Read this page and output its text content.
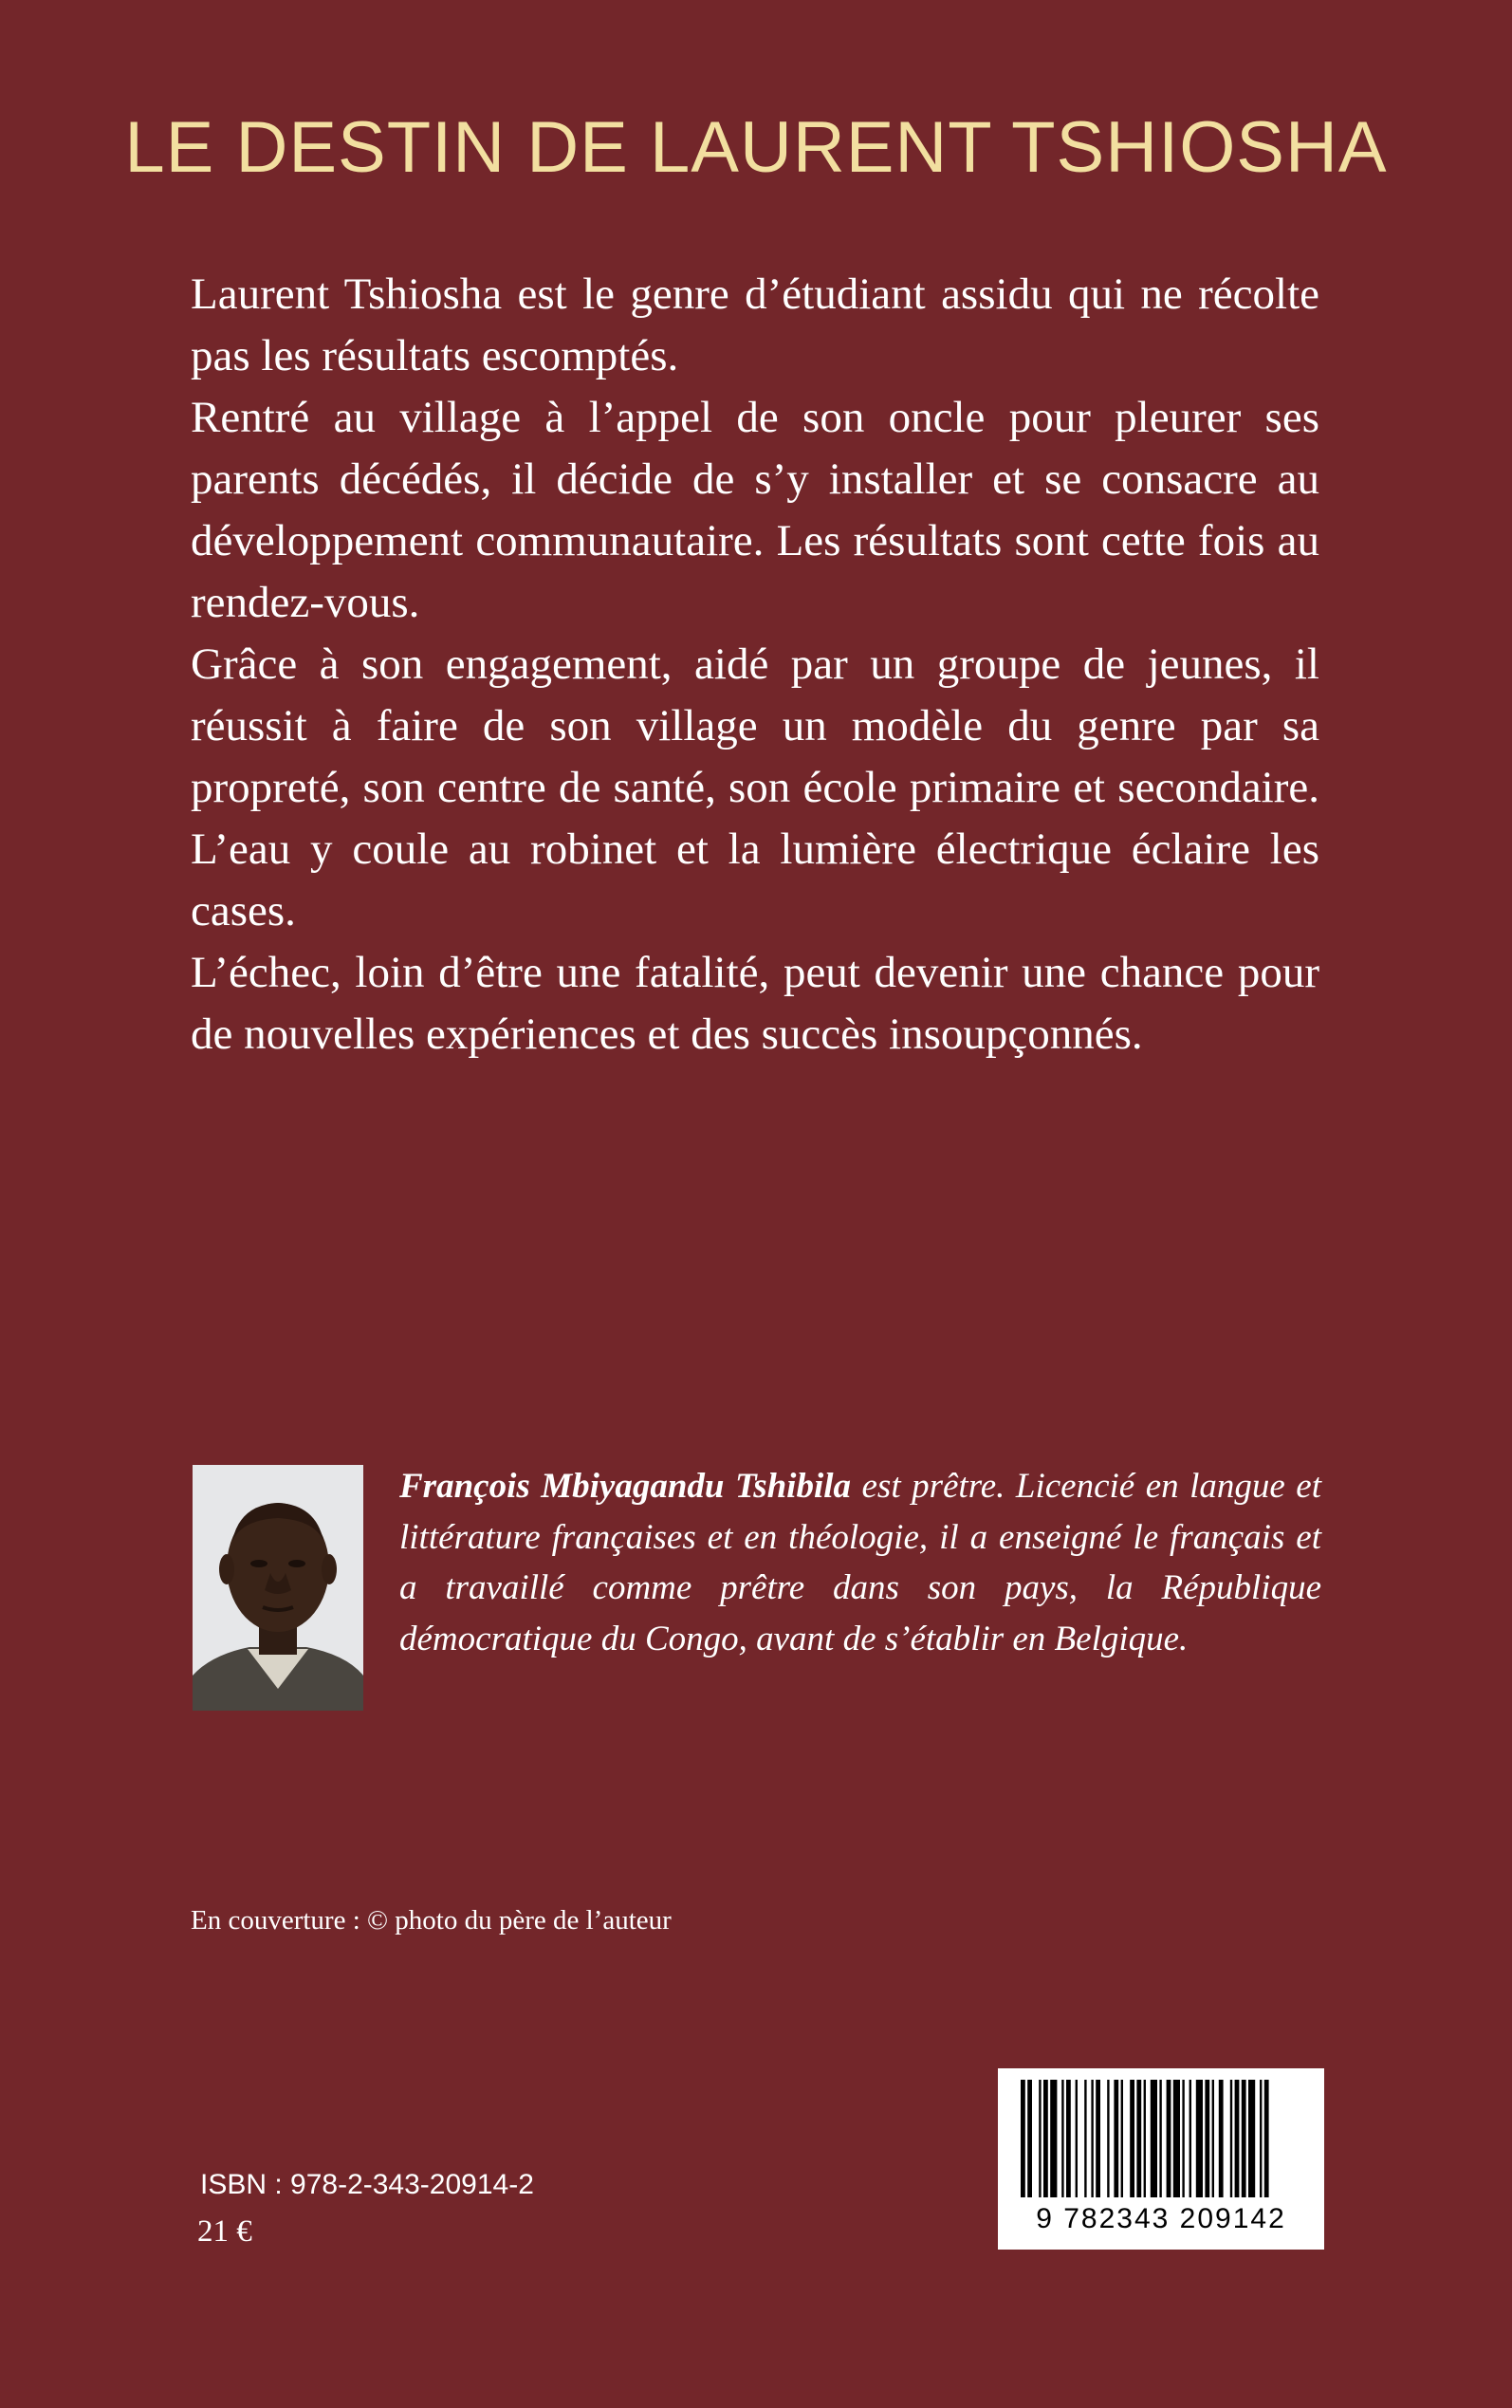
LE DESTIN DE LAURENT TSHIOSHA

Laurent Tshiosha est le genre d’étudiant assidu qui ne récolte pas les résultats escomptés.

Rentré au village à l’appel de son oncle pour pleurer ses parents décédés, il décide de s’y installer et se consacre au développement communautaire. Les résultats sont cette fois au rendez-vous.

Grâce à son engagement, aidé par un groupe de jeunes, il réussit à faire de son village un modèle du genre par sa propreté, son centre de santé, son école primaire et secondaire. L’eau y coule au robinet et la lumière électrique éclaire les cases.

L’échec, loin d’être une fatalité, peut devenir une chance pour de nouvelles expériences et des succès insoupçonnés.

François Mbiyagandu Tshibila est prêtre. Licencié en langue et littérature françaises et en théologie, il a enseigné le français et a travaillé comme prêtre dans son pays, la République démocratique du Congo, avant de s’établir en Belgique.
En couverture : © photo du père de l’auteur
ISBN : 978-2-343-20914-2
21 €	9 782343 209142
